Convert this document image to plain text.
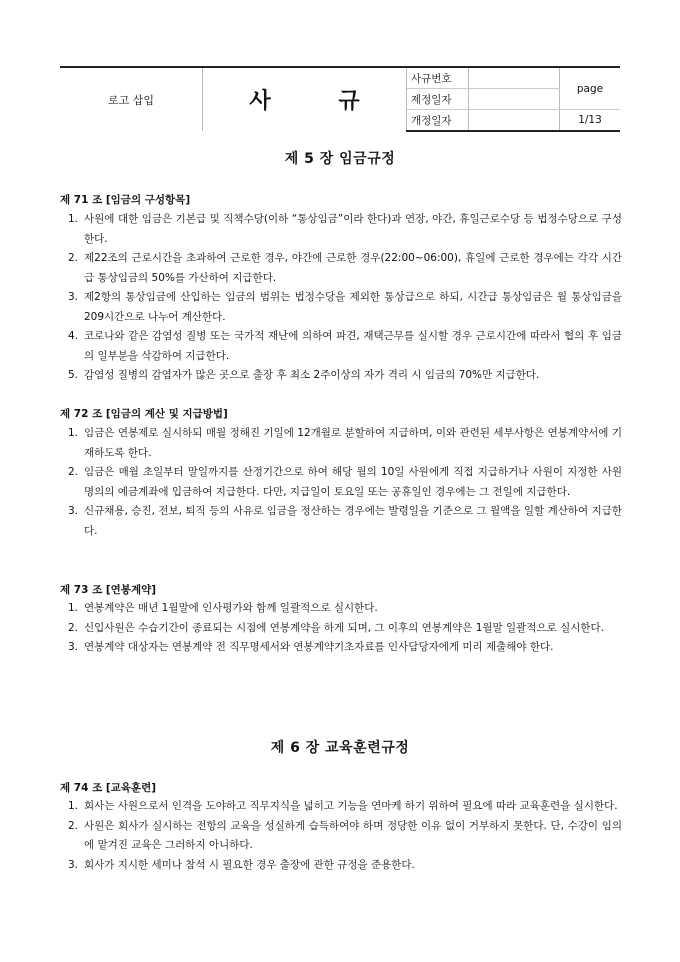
로고 삽입	사 규	사규번호		page
		제정일자		
		개정일자		1/13
제 5 장 임금규정

제 71 조 [임금의 구성항목]

1. 사원에 대한 임금은 기본급 및 직책수당(이하 “통상임금”이라 한다)과 연장, 야간, 휴일근로수당 등 법정수당으로 구성한다.
2. 제22조의 근로시간을 초과하여 근로한 경우, 야간에 근로한 경우(22:00~06:00), 휴일에 근로한 경우에는 각각 시간급 통상임금의 50%를 가산하여 지급한다.
3. 제2항의 통상임금에 산입하는 임금의 범위는 법정수당을 제외한 통상급으로 하되, 시간급 통상임금은 월 통상임금을 209시간으로 나누어 계산한다.
4. 코로나와 같은 감염성 질병 또는 국가적 재난에 의하여 파견, 재택근무를 실시할 경우 근로시간에 따라서 협의 후 임금의 일부분을 삭감하여 지급한다.
5. 감염성 질병의 감염자가 많은 곳으로 출장 후 최소 2주이상의 자가 격리 시 임금의 70%만 지급한다.

제 72 조 [임금의 계산 및 지급방법]

1. 임금은 연봉제로 실시하되 매월 정해진 기일에 12개월로 분할하여 지급하며, 이와 관련된 세부사항은 연봉계약서에 기재하도록 한다.
2. 임금은 매월 초일부터 말일까지를 산정기간으로 하여 해당 월의 10일 사원에게 직접 지급하거나 사원이 지정한 사원 명의의 예금계좌에 입금하여 지급한다. 다만, 지급일이 토요일 또는 공휴일인 경우에는 그 전일에 지급한다.
3. 신규채용, 승진, 전보, 퇴직 등의 사유로 임금을 정산하는 경우에는 발령일을 기준으로 그 월액을 일할 계산하여 지급한다.

제 73 조 [연봉계약]

1. 연봉계약은 매년 1월말에 인사평가와 함께 일괄적으로 실시한다.
2. 신입사원은 수습기간이 종료되는 시점에 연봉계약을 하게 되며, 그 이후의 연봉계약은 1월말 일괄적으로 실시한다.
3. 연봉계약 대상자는 연봉계약 전 직무명세서와 연봉계약기초자료를 인사담당자에게 미리 제출해야 한다.
제 6 장 교육훈련규정

제 74 조 [교육훈련]

1. 회사는 사원으로서 인격을 도야하고 직무지식을 넓히고 기능을 연마케 하기 위하여 필요에 따라 교육훈련을 실시한다.
2. 사원은 회사가 실시하는 전항의 교육을 성실하게 습득하여야 하며 정당한 이유 없이 거부하지 못한다. 단, 수강이 임의에 맡겨진 교육은 그러하지 아니하다.
3. 회사가 지시한 세미나 참석 시 필요한 경우 출장에 관한 규정을 준용한다.
